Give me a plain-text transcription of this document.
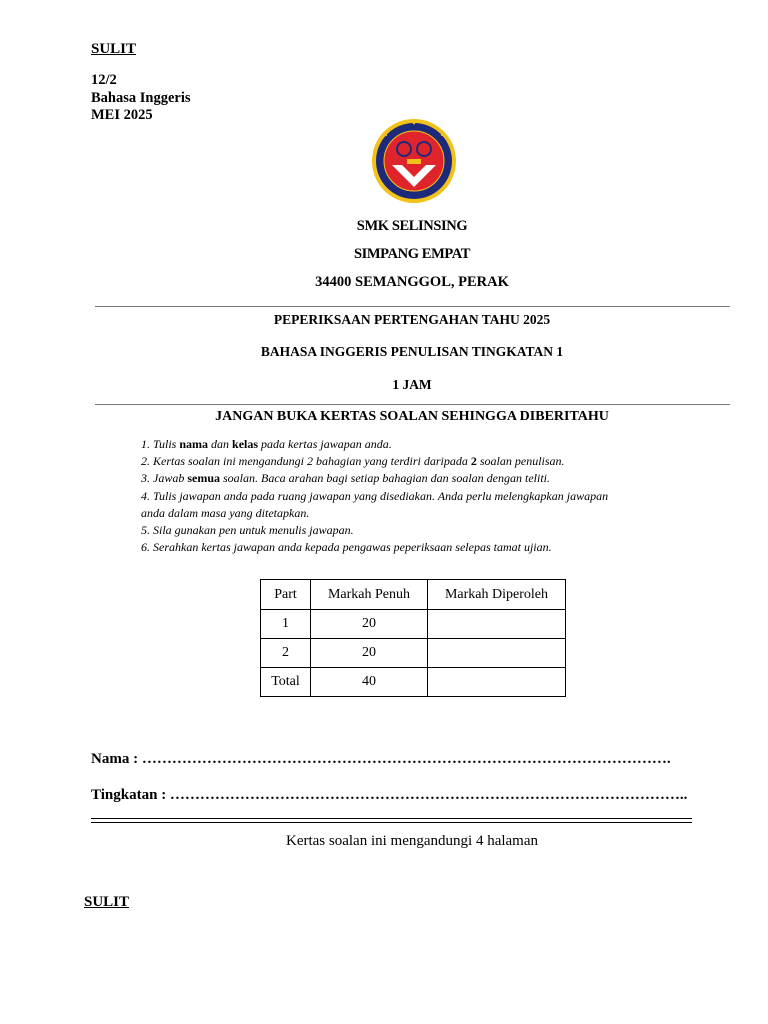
SULIT
12/2
Bahasa Inggeris
MEI 2025
SMK SELINSING
SIMPANG EMPAT
34400 SEMANGGOL, PERAK
PEPERIKSAAN PERTENGAHAN TAHU 2025
BAHASA INGGERIS PENULISAN TINGKATAN 1
1 JAM
JANGAN BUKA KERTAS SOALAN SEHINGGA DIBERITAHU
1. Tulis nama dan kelas pada kertas jawapan anda.
2. Kertas soalan ini mengandungi 2 bahagian yang terdiri daripada 2 soalan penulisan.
3. Jawab semua soalan. Baca arahan bagi setiap bahagian dan soalan dengan teliti.
4. Tulis jawapan anda pada ruang jawapan yang disediakan. Anda perlu melengkapkan jawapan
anda dalam masa yang ditetapkan.
5. Sila gunakan pen untuk menulis jawapan.
6. Serahkan kertas jawapan anda kepada pengawas peperiksaan selepas tamat ujian.
Part	Markah Penuh	Markah Diperoleh
1	20	
2	20	
Total	40	
Nama : …………………………………………………………………………………………….
Tingkatan : …………………………………………………………………………………………..
Kertas soalan ini mengandungi 4 halaman
SULIT
